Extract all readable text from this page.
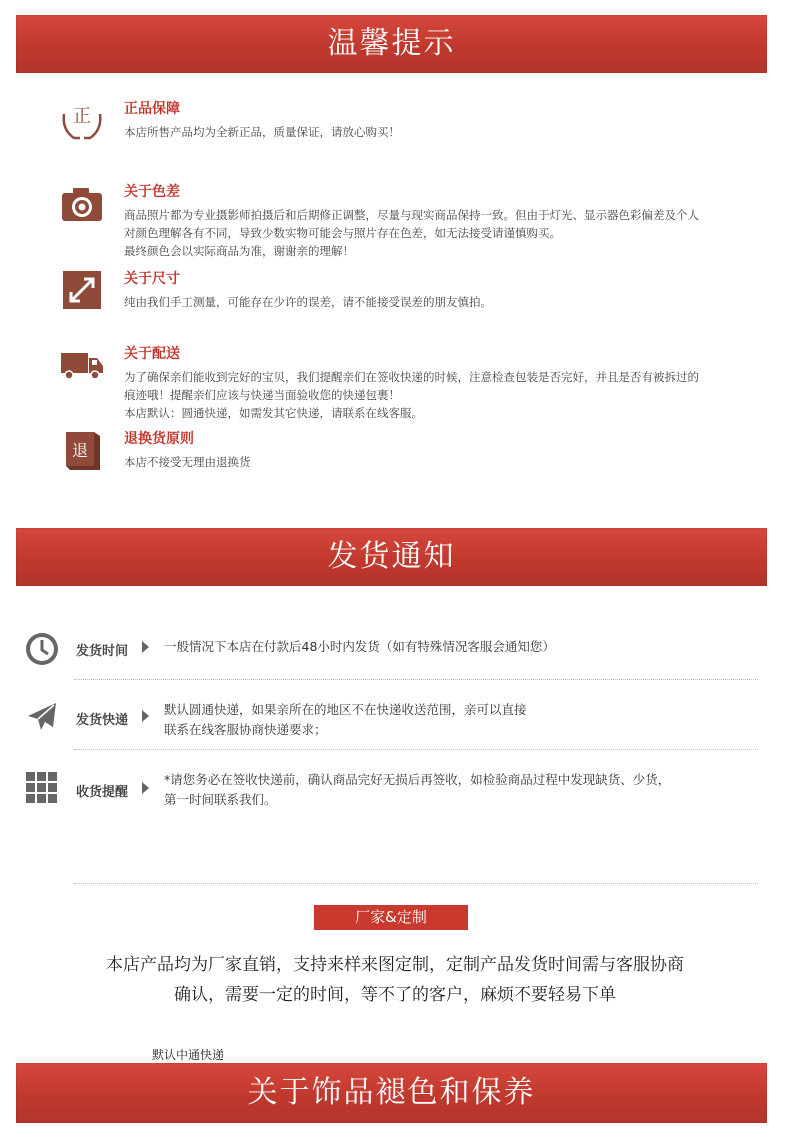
温馨提示
正 正品保障
本店所售产品均为全新正品，质量保证，请放心购买！
关于色差
商品照片都为专业摄影师拍摄后和后期修正调整，尽量与现实商品保持一致。但由于灯光、显示器色彩偏差及个人
对颜色理解各有不同，导致少数实物可能会与照片存在色差，如无法接受请谨慎购买。
最终颜色会以实际商品为准，谢谢亲的理解！
关于尺寸
纯由我们手工测量，可能存在少许的误差，请不能接受误差的朋友慎拍。
关于配送
为了确保亲们能收到完好的宝贝，我们提醒亲们在签收快递的时候，注意检查包装是否完好，并且是否有被拆过的
痕迹哦！提醒亲们应该与快递当面验收您的快递包裹！
本店默认：圆通快递，如需发其它快递，请联系在线客服。
退
退换货原则
本店不接受无理由退换货
发货通知
发货时间	一般情况下本店在付款后48小时内发货（如有特殊情况客服会通知您）
发货快递
默认圆通快递，如果亲所在的地区不在快递收送范围，亲可以直接
联系在线客服协商快递要求；
收货提醒
*请您务必在签收快递前，确认商品完好无损后再签收，如检验商品过程中发现缺货、少货，
第一时间联系我们。
厂家&定制
本店产品均为厂家直销，支持来样来图定制，定制产品发货时间需与客服协商
确认，需要一定的时间，等不了的客户，麻烦不要轻易下单
默认中通快递
关于饰品褪色和保养
